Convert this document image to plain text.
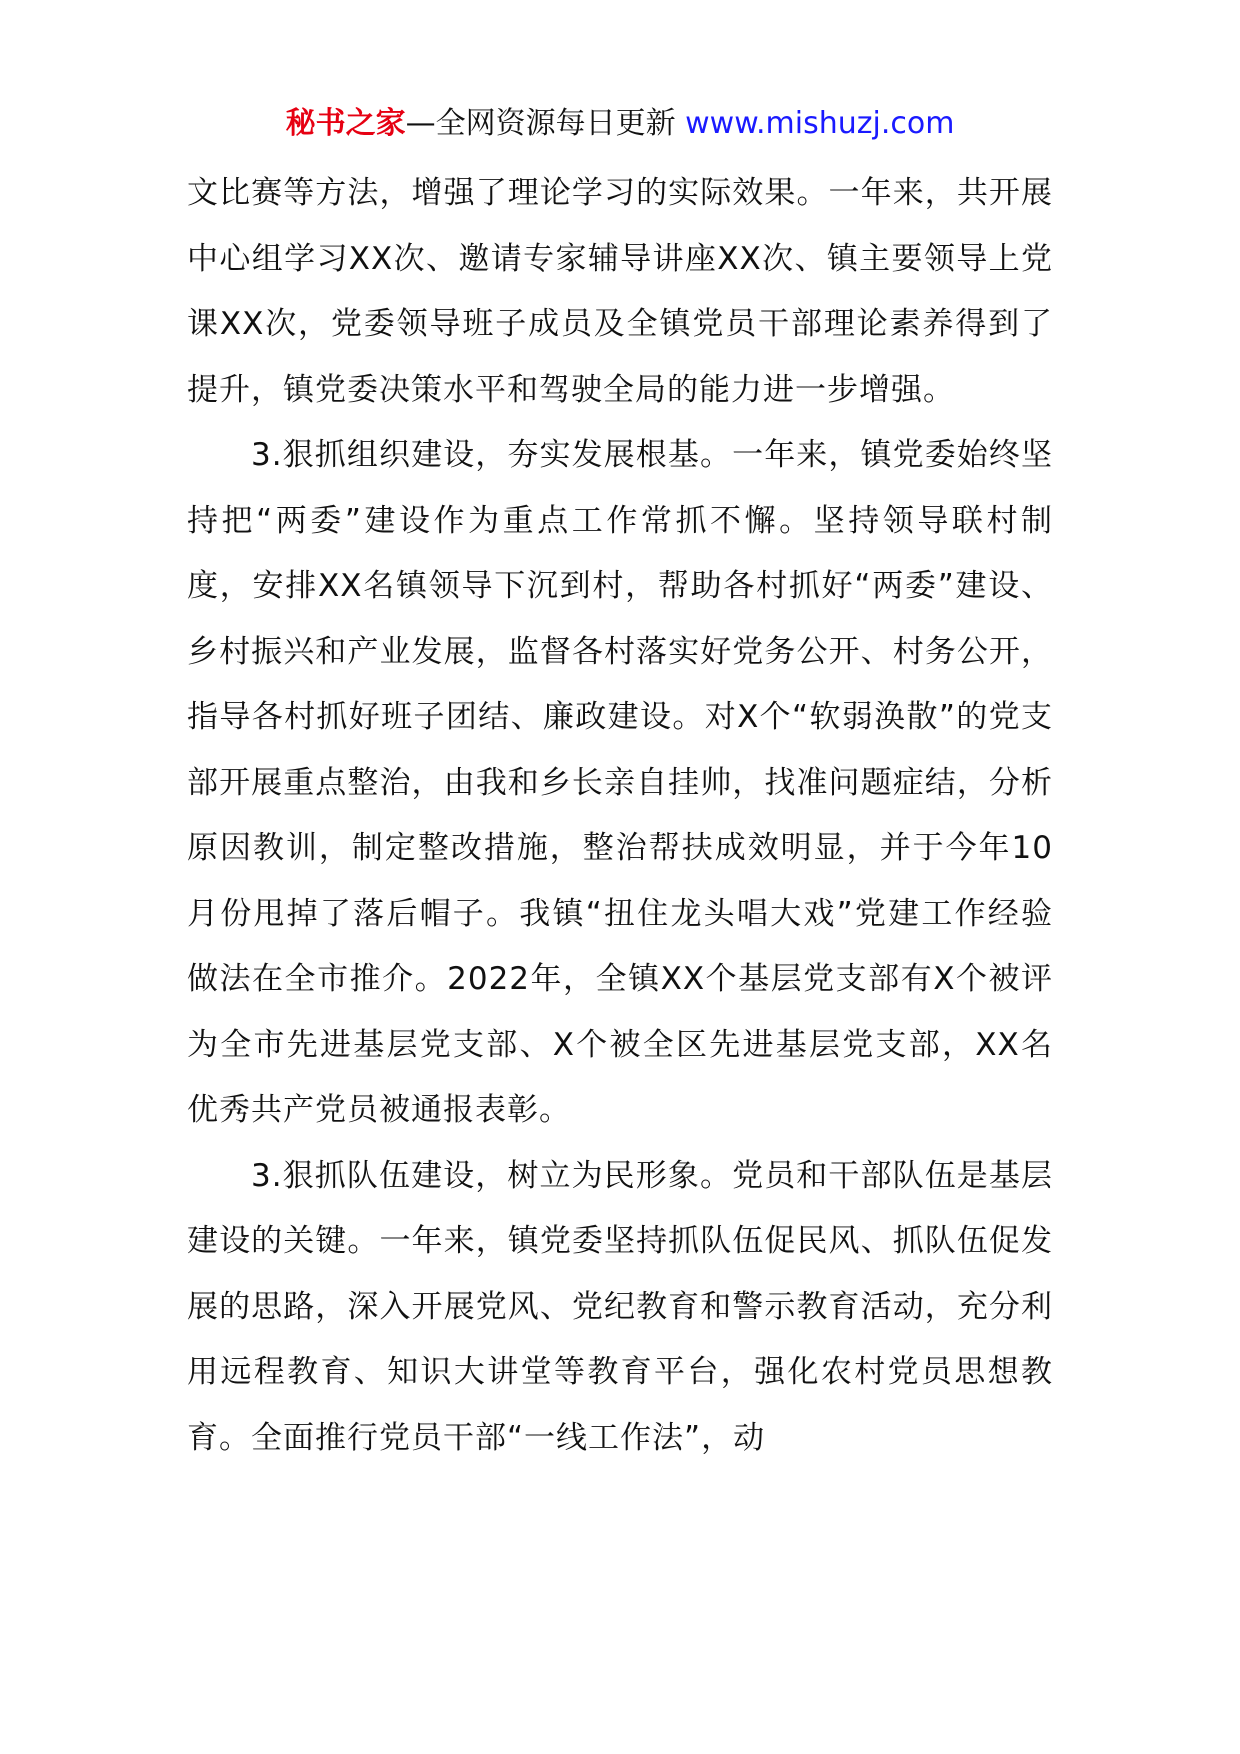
秘书之家—全网资源每日更新 www.mishuzj.com

文比赛等方法，增强了理论学习的实际效果。一年来，共开展中心组学习XX次、邀请专家辅导讲座XX次、镇主要领导上党课XX次，党委领导班子成员及全镇党员干部理论素养得到了提升，镇党委决策水平和驾驶全局的能力进一步增强。

3.狠抓组织建设，夯实发展根基。一年来，镇党委始终坚持把“两委”建设作为重点工作常抓不懈。坚持领导联村制度，安排XX名镇领导下沉到村，帮助各村抓好“两委”建设、乡村振兴和产业发展，监督各村落实好党务公开、村务公开，指导各村抓好班子团结、廉政建设。对X个“软弱涣散”的党支部开展重点整治，由我和乡长亲自挂帅，找准问题症结，分析原因教训，制定整改措施，整治帮扶成效明显，并于今年10月份甩掉了落后帽子。我镇“扭住龙头唱大戏”党建工作经验做法在全市推介。2022年，全镇XX个基层党支部有X个被评为全市先进基层党支部、X个被全区先进基层党支部，XX名优秀共产党员被通报表彰。

3.狠抓队伍建设，树立为民形象。党员和干部队伍是基层建设的关键。一年来，镇党委坚持抓队伍促民风、抓队伍促发展的思路，深入开展党风、党纪教育和警示教育活动，充分利用远程教育、知识大讲堂等教育平台，强化农村党员思想教育。全面推行党员干部“一线工作法”，动
